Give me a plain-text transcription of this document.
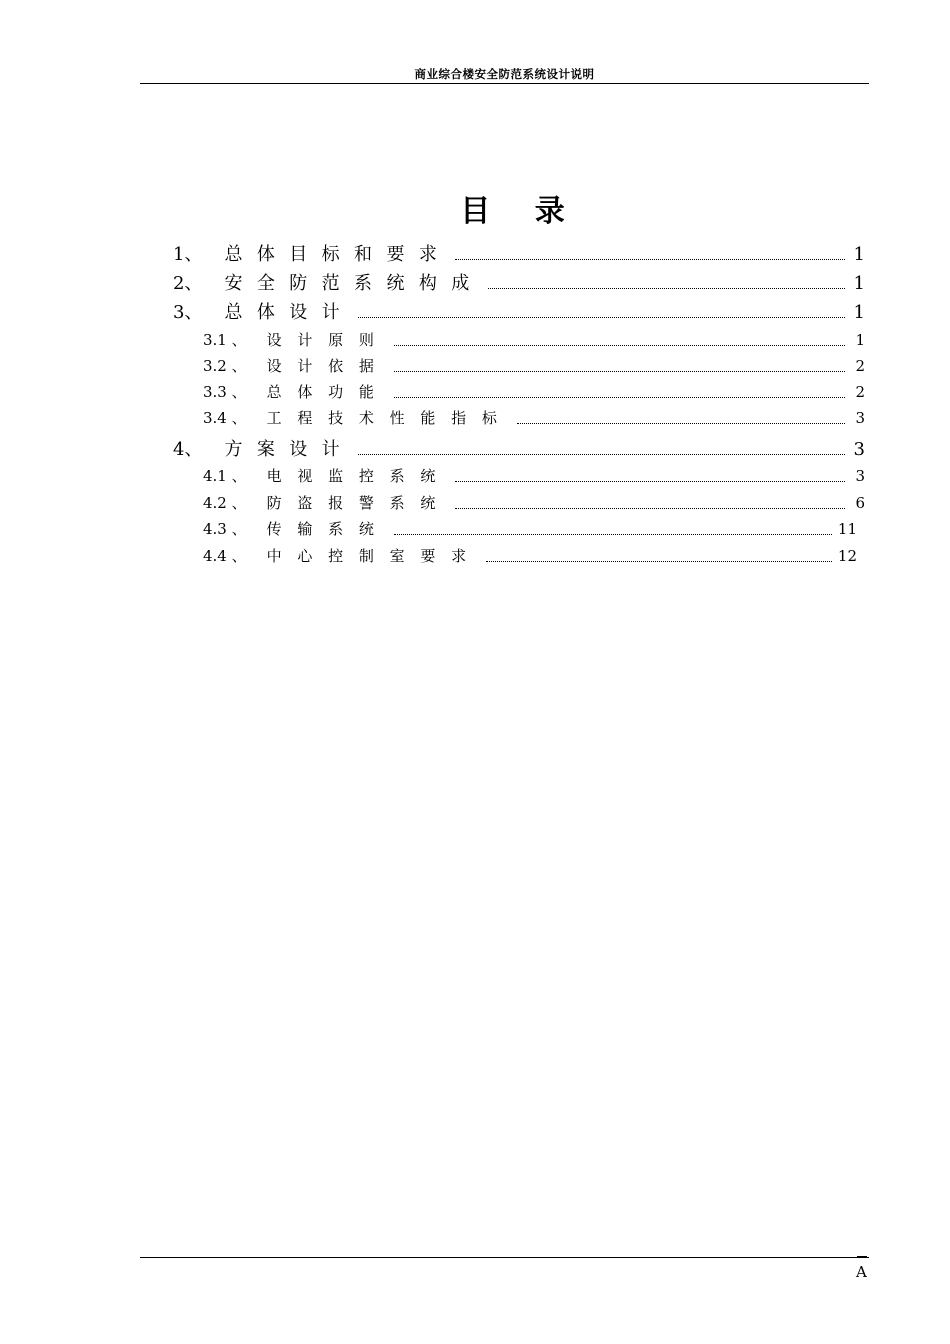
商业综合楼安全防范系统设计说明
目 录
1、 总体目标和要求	1
2、 安全防范系统构成	1
3、 总体设计	1
3.1 、 设计原则	1
3.2 、 设计依据	2
3.3 、 总体功能	2
3.4 、 工程技术性能指标	3
4、 方案设计	3
4.1 、 电视监控系统	3
4.2 、 防盗报警系统	6
4.3 、 传输系统	11
4.4 、 中心控制室要求	12
A
